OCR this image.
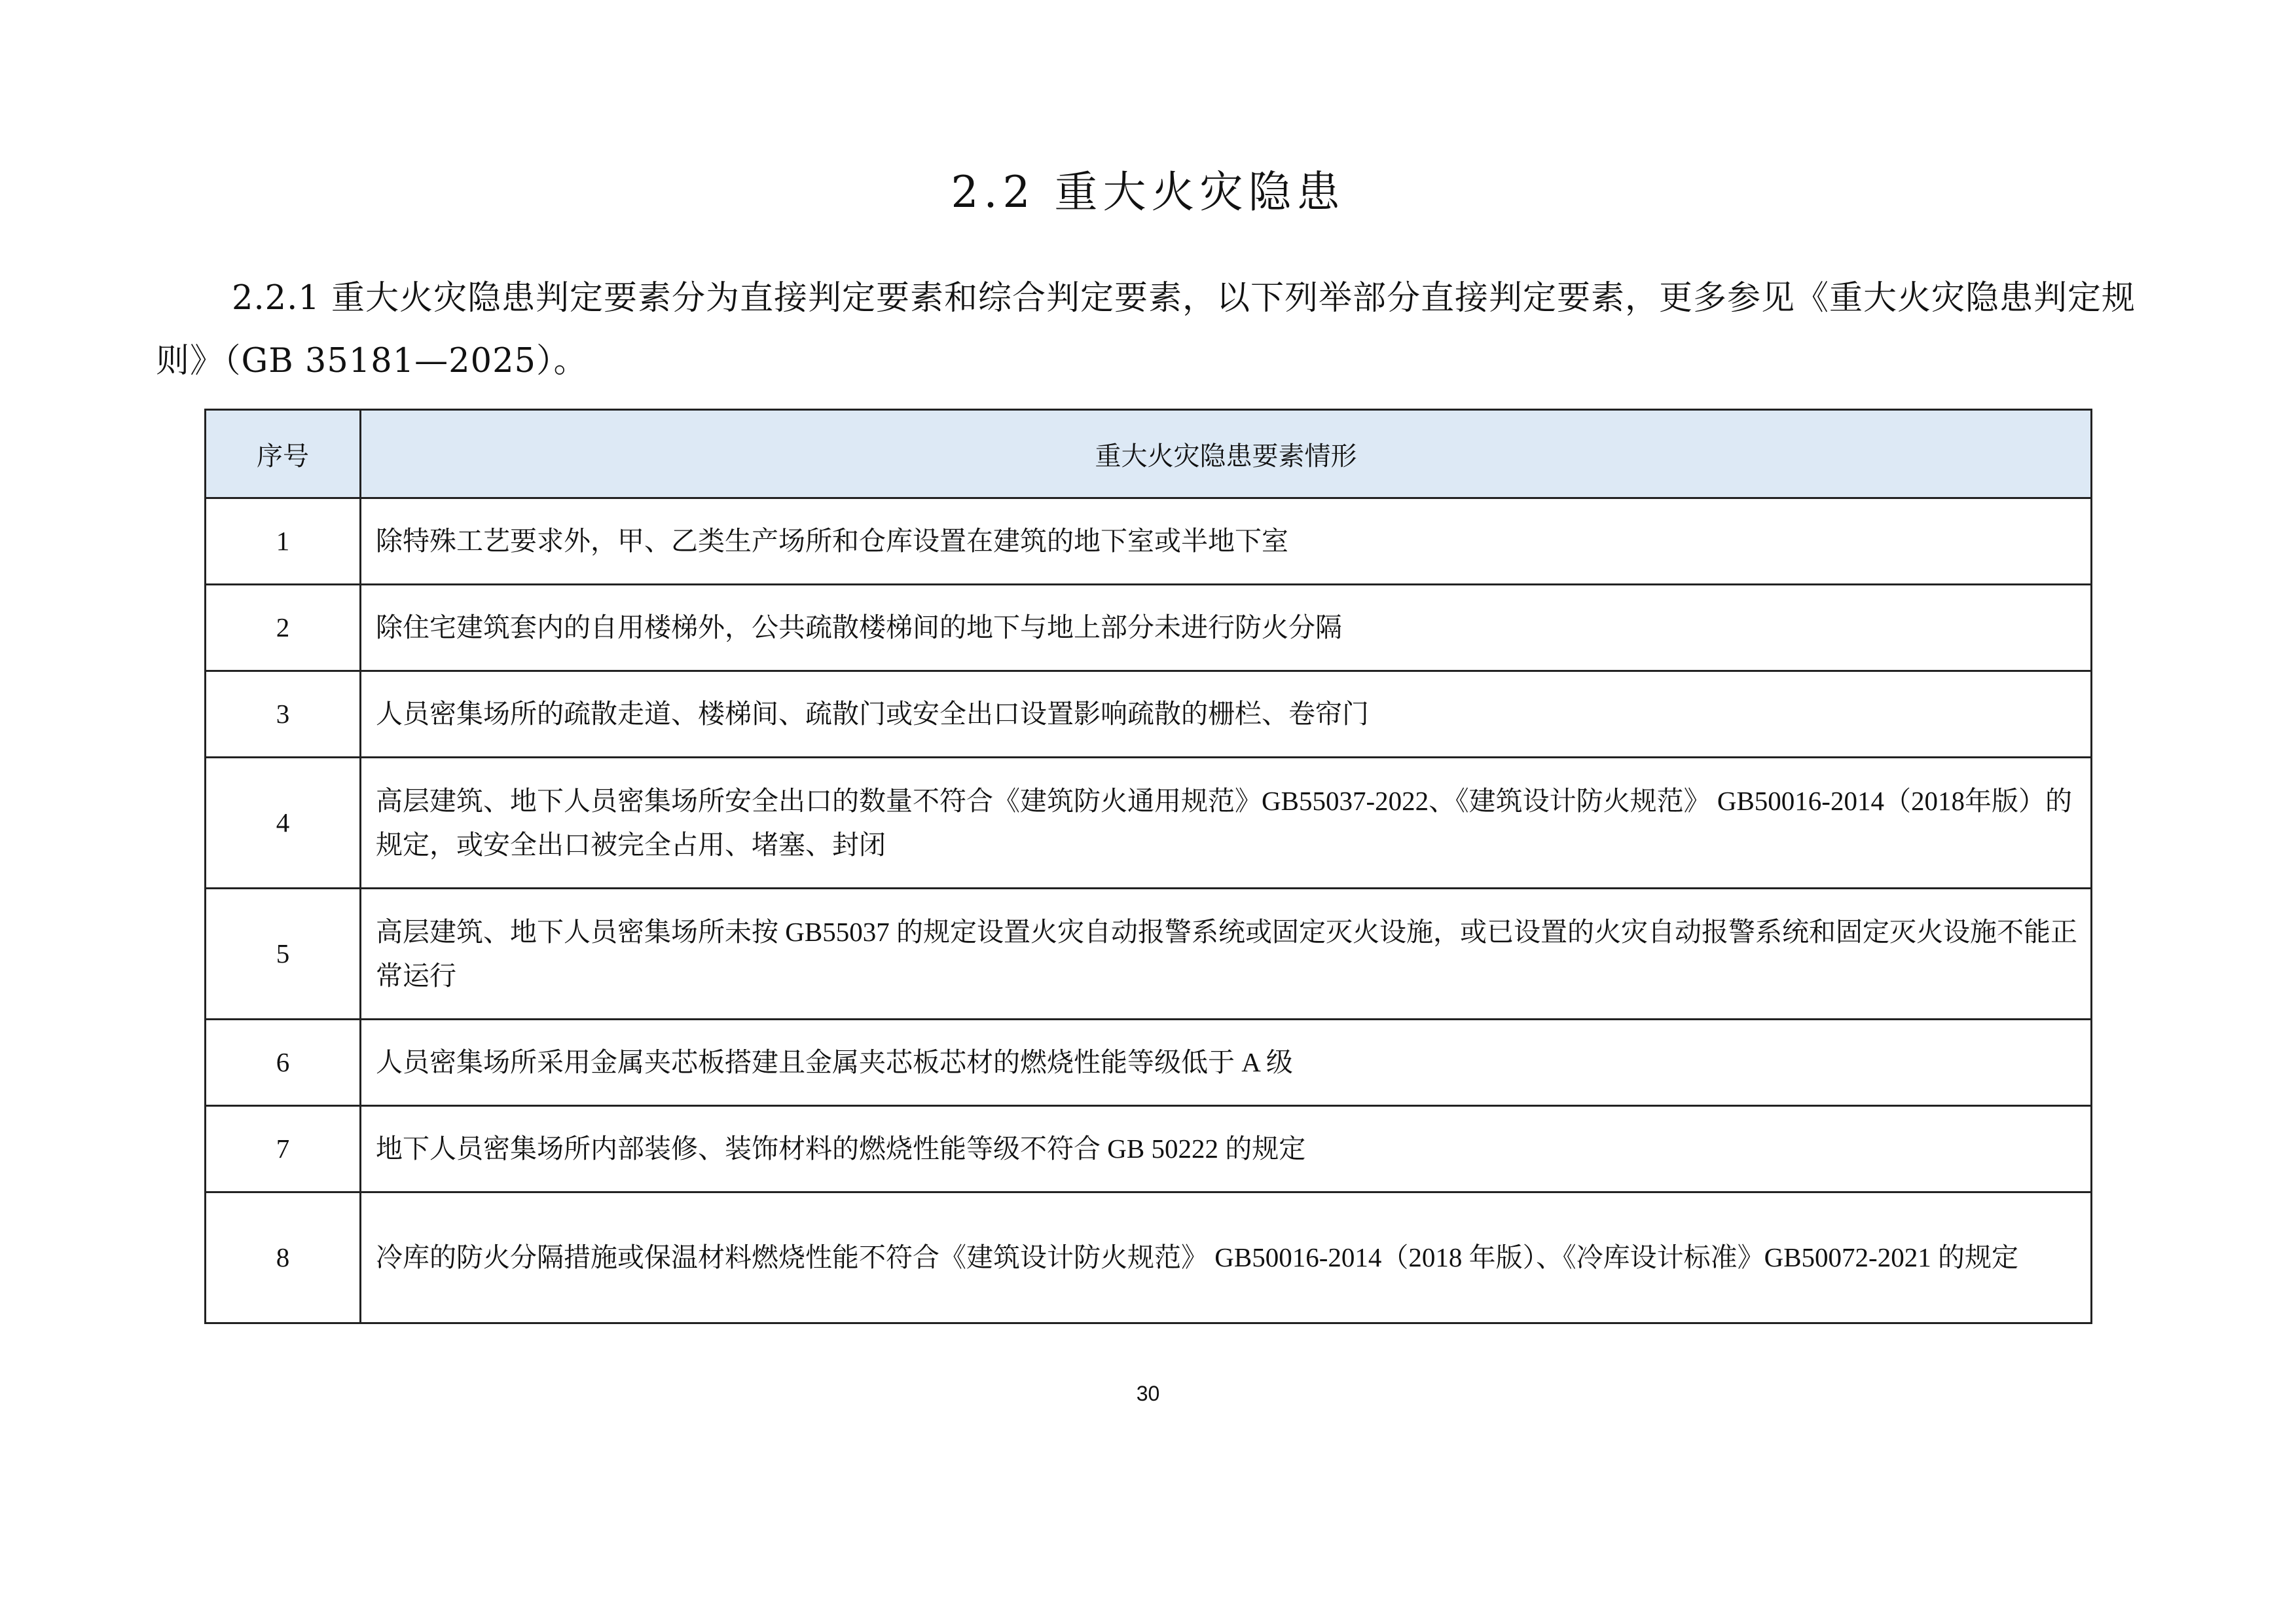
2.2 重大火灾隐患

2.2.1 重大火灾隐患判定要素分为直接判定要素和综合判定要素，以下列举部分直接判定要素，更多参见《重大火灾隐患判定规则》（GB 35181—2025）。

序号	重大火灾隐患要素情形
1	除特殊工艺要求外，甲、乙类生产场所和仓库设置在建筑的地下室或半地下室
2	除住宅建筑套内的自用楼梯外，公共疏散楼梯间的地下与地上部分未进行防火分隔
3	人员密集场所的疏散走道、楼梯间、疏散门或安全出口设置影响疏散的栅栏、卷帘门
4	高层建筑、地下人员密集场所安全出口的数量不符合《建筑防火通用规范》GB55037-2022、《建筑设计防火规范》 GB50016-2014（2018年版）的规定，或安全出口被完全占用、堵塞、封闭
5	高层建筑、地下人员密集场所未按 GB55037 的规定设置火灾自动报警系统或固定灭火设施，或已设置的火灾自动报警系统和固定灭火设施不能正常运行
6	人员密集场所采用金属夹芯板搭建且金属夹芯板芯材的燃烧性能等级低于 A 级
7	地下人员密集场所内部装修、装饰材料的燃烧性能等级不符合 GB 50222 的规定
8	冷库的防火分隔措施或保温材料燃烧性能不符合《建筑设计防火规范》 GB50016-2014（2018 年版）、《冷库设计标准》GB50072-2021 的规定

30
